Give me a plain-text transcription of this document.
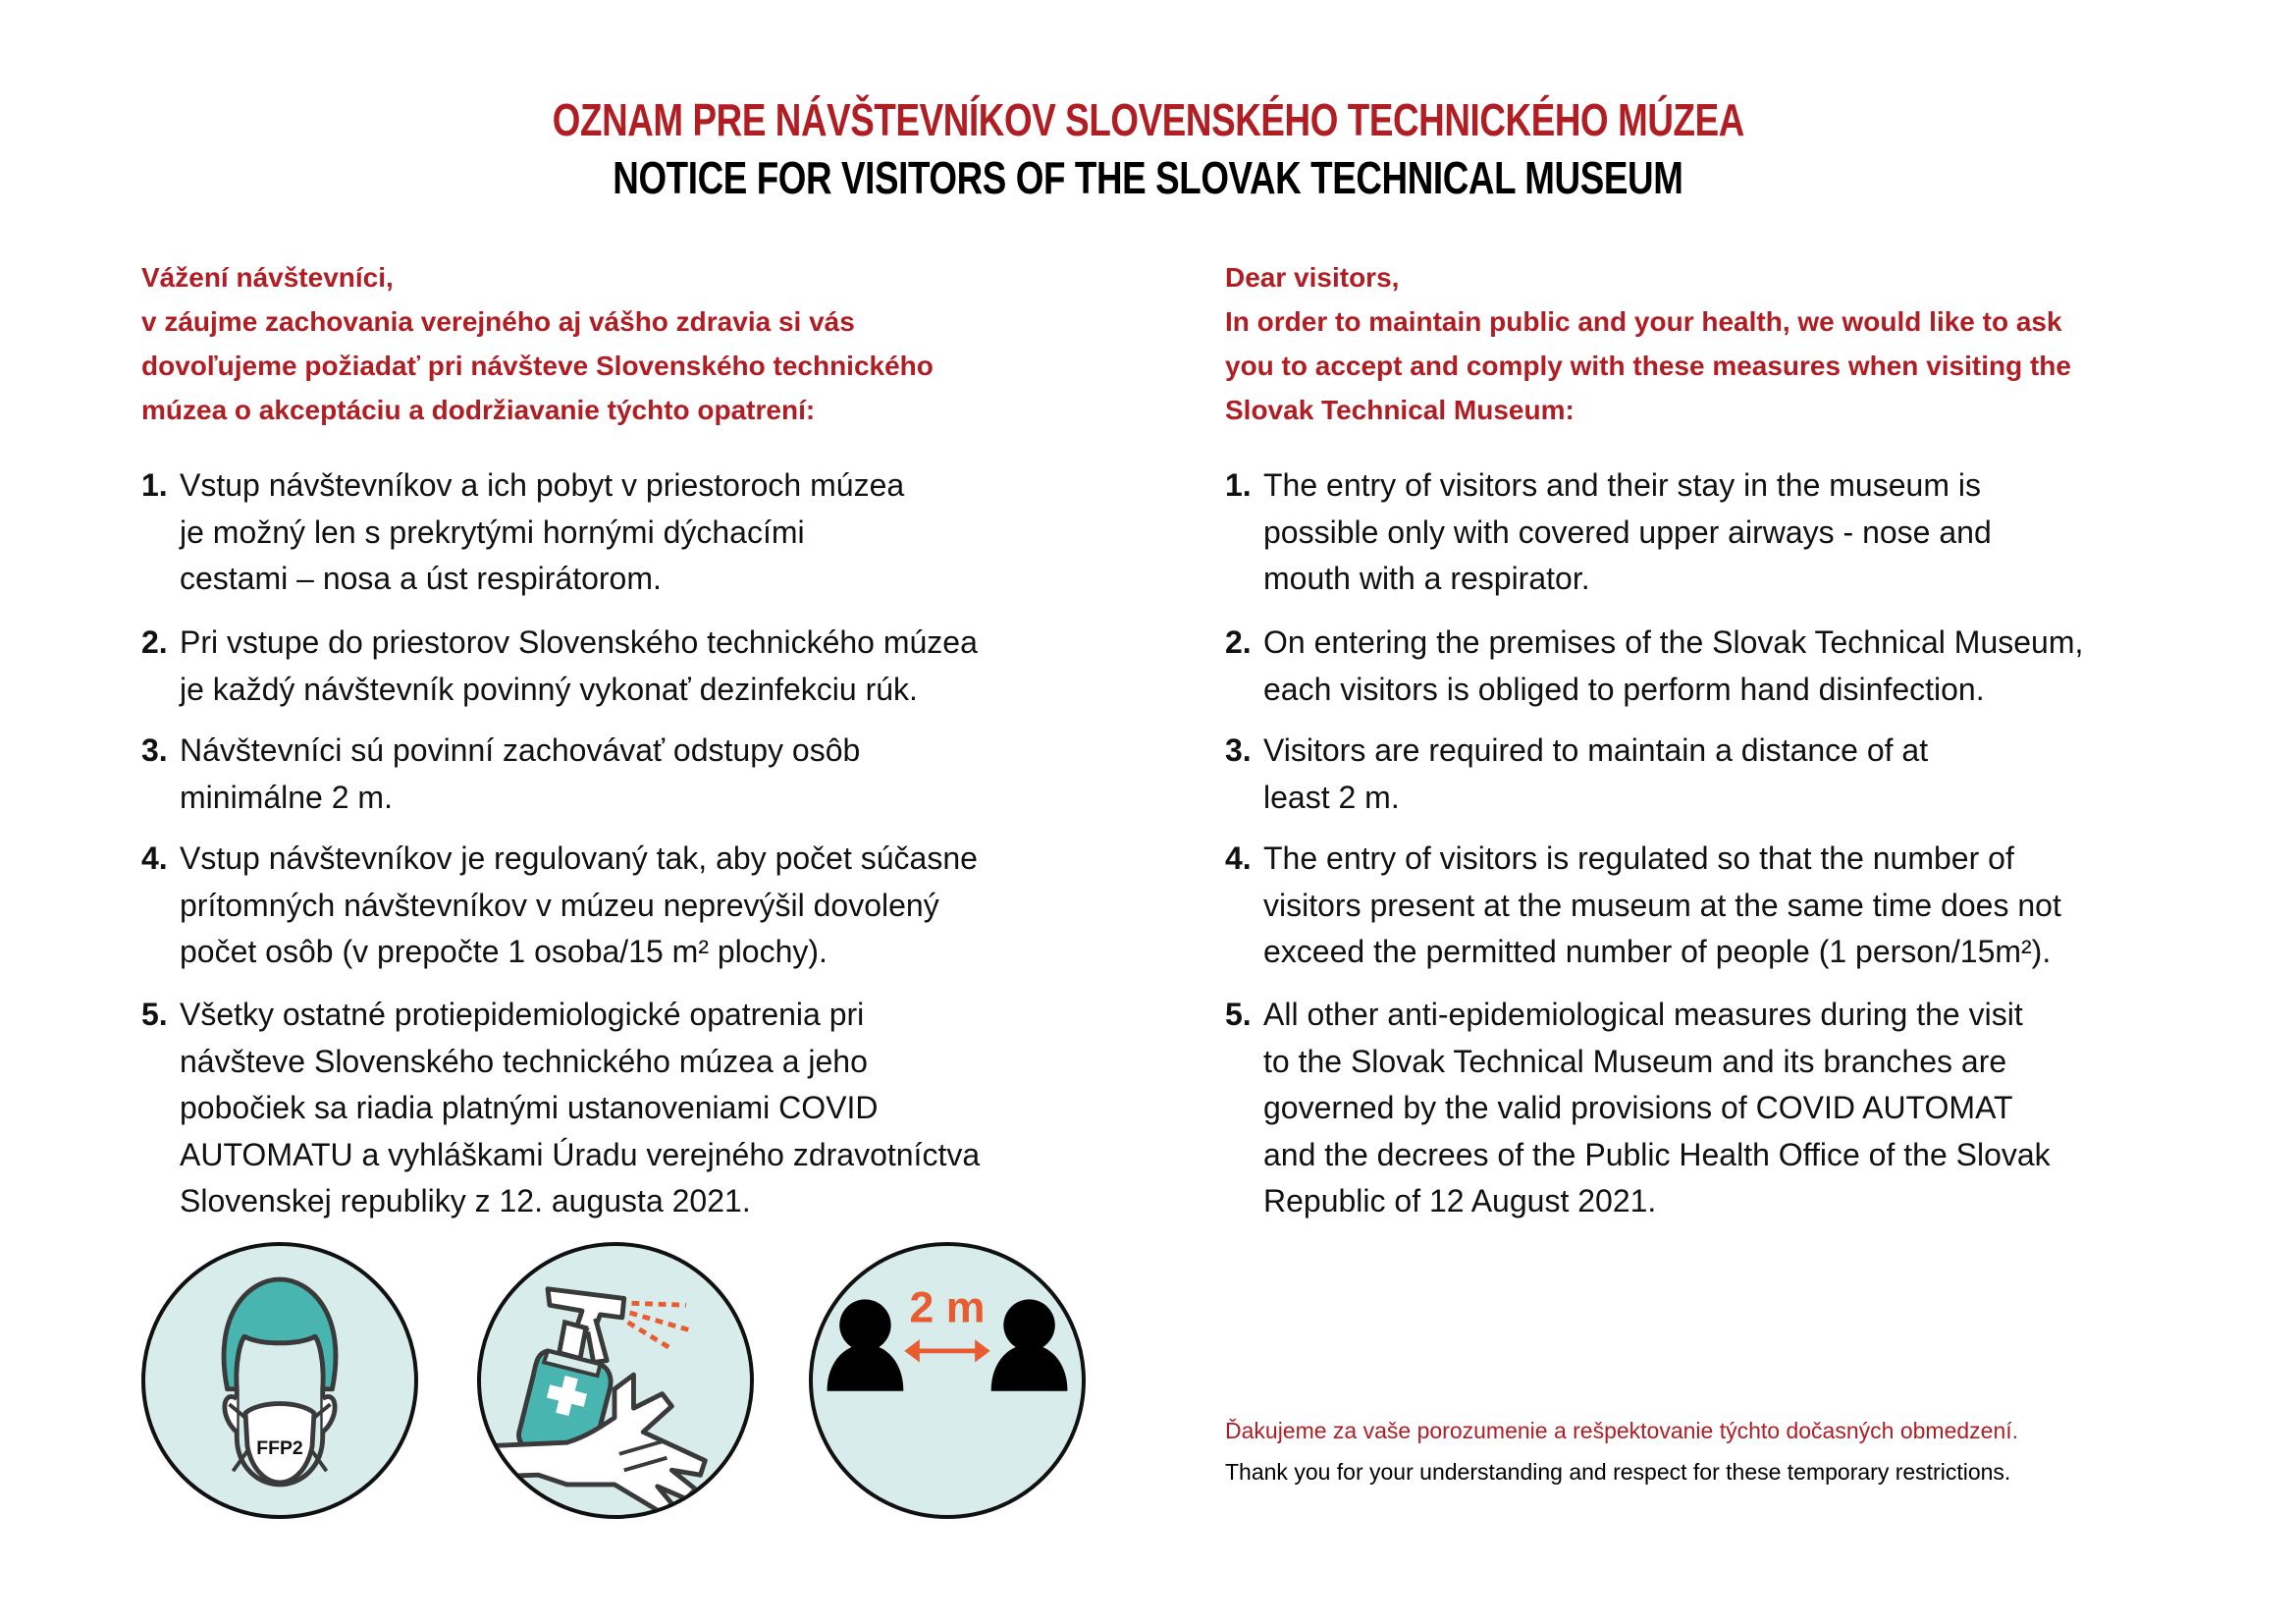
OZNAM PRE NÁVŠTEVNÍKOV SLOVENSKÉHO TECHNICKÉHO MÚZEA
NOTICE FOR VISITORS OF THE SLOVAK TECHNICAL MUSEUM
Vážení návštevníci,
v záujme zachovania verejného aj vášho zdravia si vás
dovoľujeme požiadať pri návšteve Slovenského technického
múzea o akceptáciu a dodržiavanie týchto opatrení:
1. Vstup návštevníkov a ich pobyt v priestoroch múzea
je možný len s prekrytými hornými dýchacími
cestami – nosa a úst respirátorom.
2. Pri vstupe do priestorov Slovenského technického múzea
je každý návštevník povinný vykonať dezinfekciu rúk.
3. Návštevníci sú povinní zachovávať odstupy osôb
minimálne 2 m.
4. Vstup návštevníkov je regulovaný tak, aby počet súčasne
prítomných návštevníkov v múzeu neprevýšil dovolený
počet osôb (v prepočte 1 osoba/15 m² plochy).
5. Všetky ostatné protiepidemiologické opatrenia pri
návšteve Slovenského technického múzea a jeho
pobočiek sa riadia platnými ustanoveniami COVID
AUTOMATU a vyhláškami Úradu verejného zdravotníctva
Slovenskej republiky z 12. augusta 2021.
Dear visitors,
In order to maintain public and your health, we would like to ask
you to accept and comply with these measures when visiting the
Slovak Technical Museum:
1. The entry of visitors and their stay in the museum is
possible only with covered upper airways - nose and
mouth with a respirator.
2. On entering the premises of the Slovak Technical Museum,
each visitors is obliged to perform hand disinfection.
3. Visitors are required to maintain a distance of at
least 2 m.
4. The entry of visitors is regulated so that the number of
visitors present at the museum at the same time does not
exceed the permitted number of people (1 person/15m²).
5. All other anti-epidemiological measures during the visit
to the Slovak Technical Museum and its branches are
governed by the valid provisions of COVID AUTOMAT
and the decrees of the Public Health Office of the Slovak
Republic of 12 August 2021.
FFP2
2 m
Ďakujeme za vaše porozumenie a rešpektovanie týchto dočasných obmedzení.
Thank you for your understanding and respect for these temporary restrictions.
